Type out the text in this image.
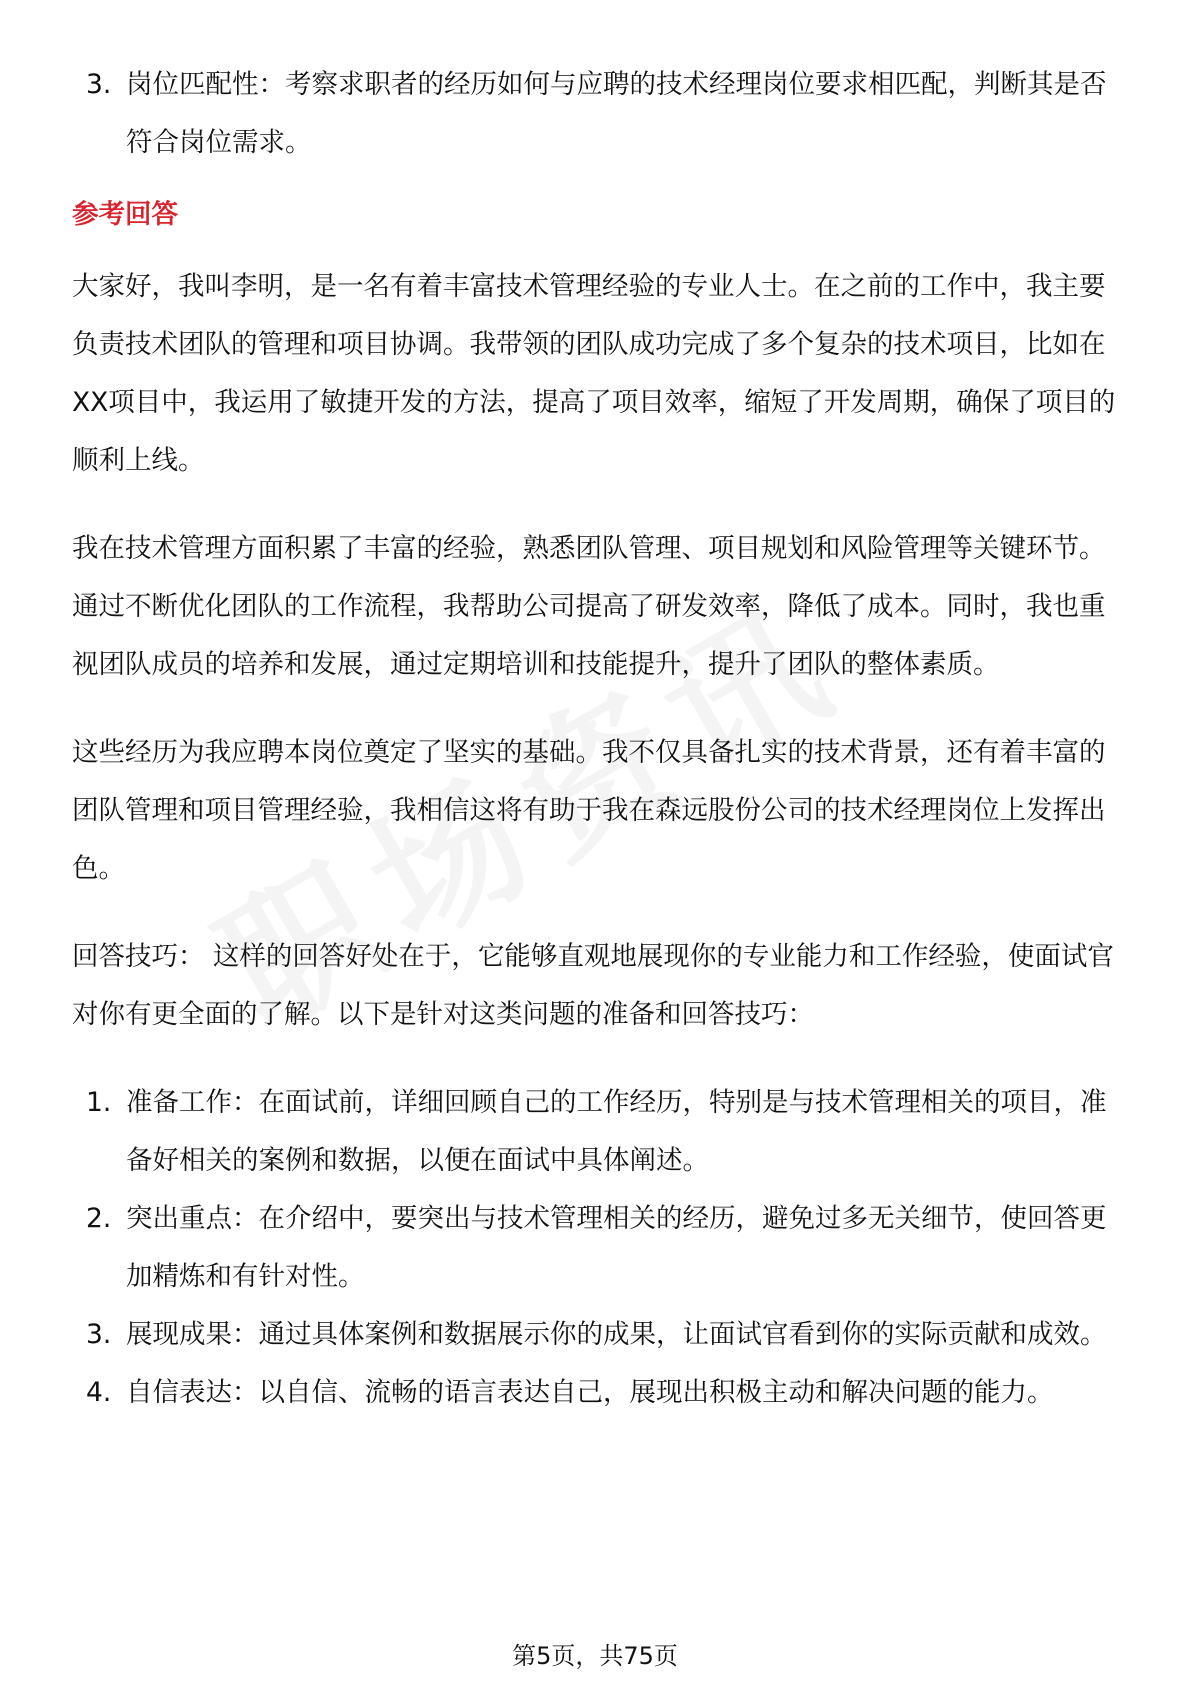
3. 岗位匹配性：考察求职者的经历如何与应聘的技术经理岗位要求相匹配，判断其是否符合岗位需求。
参考回答

大家好，我叫李明，是一名有着丰富技术管理经验的专业人士。在之前的工作中，我主要负责技术团队的管理和项目协调。我带领的团队成功完成了多个复杂的技术项目，比如在XX项目中，我运用了敏捷开发的方法，提高了项目效率，缩短了开发周期，确保了项目的顺利上线。

我在技术管理方面积累了丰富的经验，熟悉团队管理、项目规划和风险管理等关键环节。通过不断优化团队的工作流程，我帮助公司提高了研发效率，降低了成本。同时，我也重视团队成员的培养和发展，通过定期培训和技能提升，提升了团队的整体素质。

这些经历为我应聘本岗位奠定了坚实的基础。我不仅具备扎实的技术背景，还有着丰富的团队管理和项目管理经验，我相信这将有助于我在森远股份公司的技术经理岗位上发挥出色。

回答技巧： 这样的回答好处在于，它能够直观地展现你的专业能力和工作经验，使面试官对你有更全面的了解。以下是针对这类问题的准备和回答技巧：

1. 准备工作：在面试前，详细回顾自己的工作经历，特别是与技术管理相关的项目，准备好相关的案例和数据，以便在面试中具体阐述。
2. 突出重点：在介绍中，要突出与技术管理相关的经历，避免过多无关细节，使回答更加精炼和有针对性。
3. 展现成果：通过具体案例和数据展示你的成果，让面试官看到你的实际贡献和成效。
4. 自信表达：以自信、流畅的语言表达自己，展现出积极主动和解决问题的能力。
第5页，共75页
